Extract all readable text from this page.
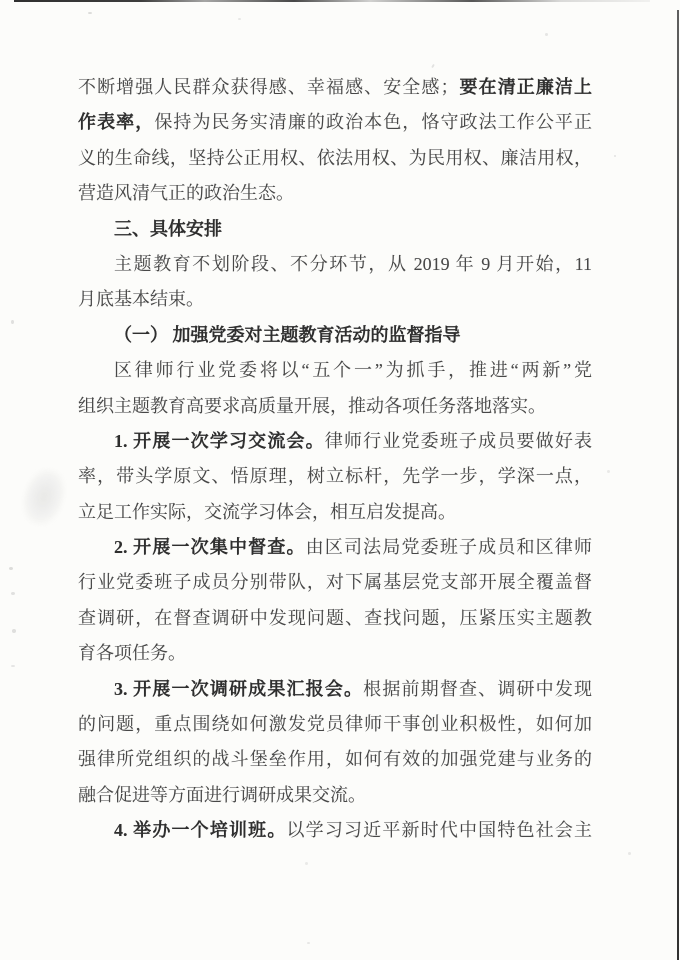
不断增强人民群众获得感、幸福感、安全感；要在清正廉洁上
作表率，保持为民务实清廉的政治本色，恪守政法工作公平正
义的生命线，坚持公正用权、依法用权、为民用权、廉洁用权，
营造风清气正的政治生态。
三、具体安排
主题教育不划阶段、不分环节，从 2019 年 9 月开始，11
月底基本结束。
（一） 加强党委对主题教育活动的监督指导
区律师行业党委将以“五个一”为抓手，推进“两新”党
组织主题教育高要求高质量开展，推动各项任务落地落实。
1. 开展一次学习交流会。律师行业党委班子成员要做好表
率，带头学原文、悟原理，树立标杆，先学一步，学深一点，
立足工作实际，交流学习体会，相互启发提高。
2. 开展一次集中督查。由区司法局党委班子成员和区律师
行业党委班子成员分别带队，对下属基层党支部开展全覆盖督
查调研，在督查调研中发现问题、查找问题，压紧压实主题教
育各项任务。
3. 开展一次调研成果汇报会。根据前期督查、调研中发现
的问题，重点围绕如何激发党员律师干事创业积极性，如何加
强律所党组织的战斗堡垒作用，如何有效的加强党建与业务的
融合促进等方面进行调研成果交流。
4. 举办一个培训班。以学习习近平新时代中国特色社会主
